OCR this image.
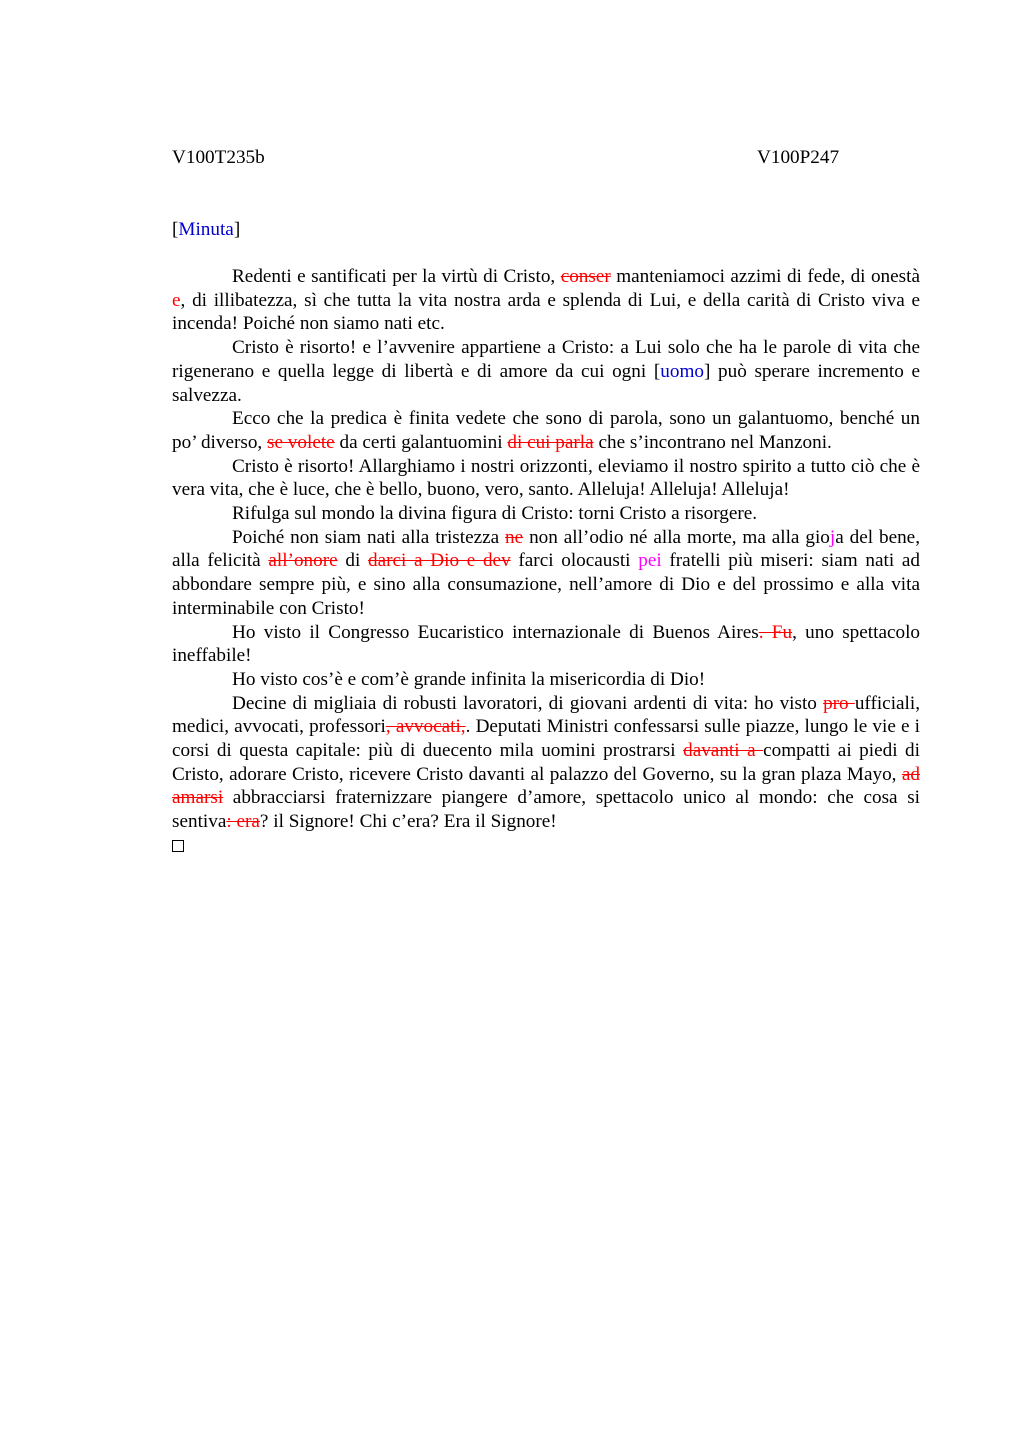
V100T235b	V100P247
[Minuta]

Redenti e santificati per la virtù di Cristo, conser manteniamoci azzimi di fede, di onestà e, di illibatezza, sì che tutta la vita nostra arda e splenda di Lui, e della carità di Cristo viva e incenda! Poiché non siamo nati etc.

Cristo è risorto! e l’avvenire appartiene a Cristo: a Lui solo che ha le parole di vita che rigenerano e quella legge di libertà e di amore da cui ogni [uomo] può sperare incremento e salvezza.

Ecco che la predica è finita vedete che sono di parola, sono un galantuomo, benché un po’ diverso, se volete da certi galantuomini di cui parla che s’incontrano nel Manzoni.

Cristo è risorto! Allarghiamo i nostri orizzonti, eleviamo il nostro spirito a tutto ciò che è vera vita, che è luce, che è bello, buono, vero, santo. Alleluja! Alleluja! Alleluja!

Rifulga sul mondo la divina figura di Cristo: torni Cristo a risorgere.

Poiché non siam nati alla tristezza ne non all’odio né alla morte, ma alla gioja del bene, alla felicità all’onore di darci a Dio e dev farci olocausti pei fratelli più miseri: siam nati ad abbondare sempre più, e sino alla consumazione, nell’amore di Dio e del prossimo e alla vita interminabile con Cristo!

Ho visto il Congresso Eucaristico internazionale di Buenos Aires. Fu, uno spettacolo ineffabile!

Ho visto cos’è e com’è grande infinita la misericordia di Dio!

Decine di migliaia di robusti lavoratori, di giovani ardenti di vita: ho visto pro ufficiali, medici, avvocati, professori, avvocati,. Deputati Ministri confessarsi sulle piazze, lungo le vie e i corsi di questa capitale: più di duecento mila uomini prostrarsi davanti a compatti ai piedi di Cristo, adorare Cristo, ricevere Cristo davanti al palazzo del Governo, su la gran plaza Mayo, ad amarsi abbracciarsi fraternizzare piangere d’amore, spettacolo unico al mondo: che cosa si sentiva: era? il Signore! Chi c’era? Era il Signore!
